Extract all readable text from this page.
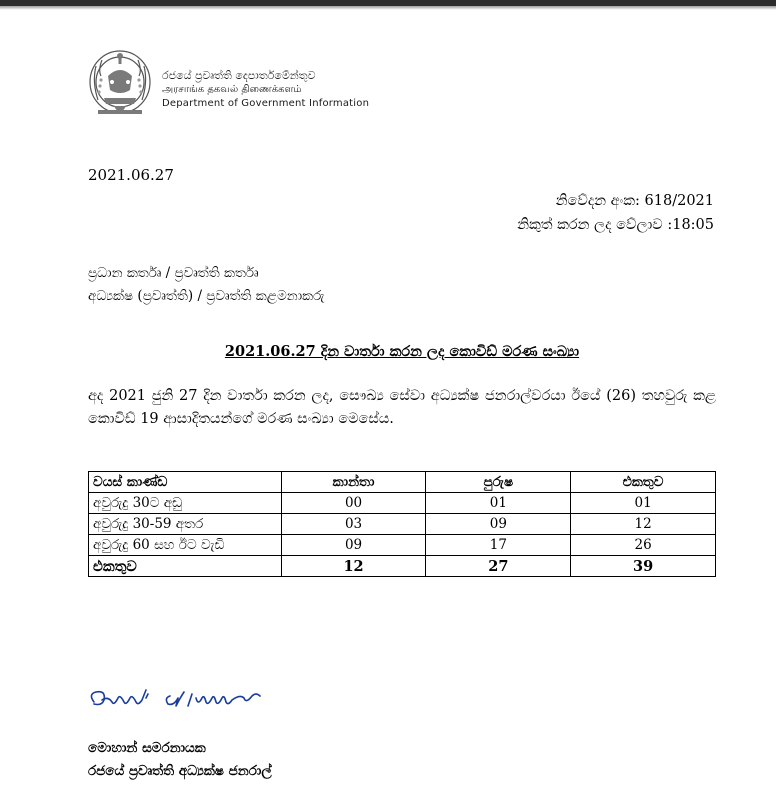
රජයේ ප්‍රවෘත්ති දෙපාර්තමේන්තුව
அரசாங்க தகவல் திணைக்களம்
Department of Government Information
2021.06.27
නිවේදන අංක: 618/2021
නිකුත් කරන ලද වේලාව :18:05
ප්‍රධාන කර්තෘ / ප්‍රවෘත්ති කර්තෘ
අධ්‍යක්ෂ (ප්‍රවෘත්ති) / ප්‍රවෘත්ති කළමනාකරු
2021.06.27 දින වාර්තා කරන ලද කොවිඩ් මරණ සංඛ්‍යා
අද 2021 ජුනි 27 දින වාර්තා කරන ලද, සෞඛ්‍ය සේවා අධ්‍යක්ෂ ජනරාල්වරයා ඊයේ (26) තහවුරු කළ කොවිඩ් 19 ආසාදිතයන්ගේ මරණ සංඛ්‍යා මෙසේය.
වයස් කාණ්ඩ	කාන්තා	පුරුෂ	එකතුව
අවුරුදු 30ට අඩු	00	01	01
අවුරුදු 30-59 අතර	03	09	12
අවුරුදු 60 සහ ඊට වැඩි	09	17	26
එකතුව	12	27	39
මොහාන් සමරනායක
රජයේ ප්‍රවෘත්ති අධ්‍යක්ෂ ජනරාල්
